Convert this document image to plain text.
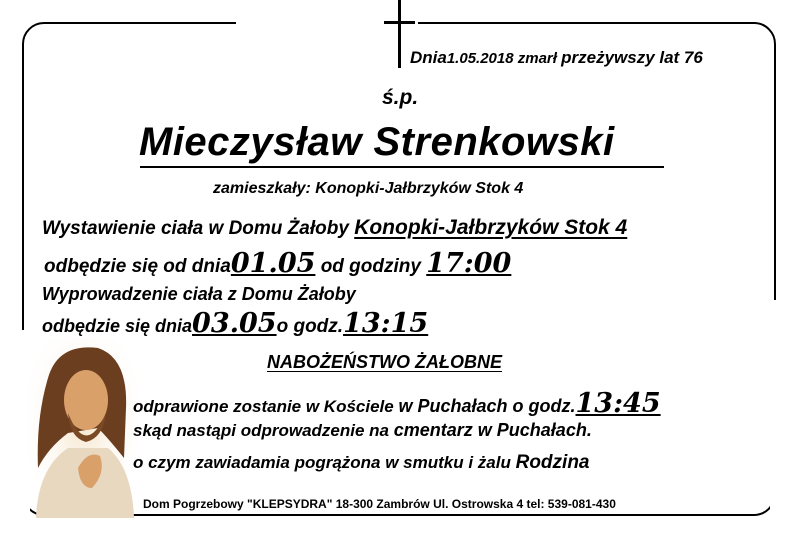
Dnia1.05.2018 zmarł przeżywszy lat 76
ś.p.
Mieczysław Strenkowski
zamieszkały: Konopki-Jałbrzyków Stok 4
Wystawienie ciała w Domu Żałoby Konopki-Jałbrzyków Stok 4
odbędzie się od dnia01.05 od godziny 17:00
Wyprowadzenie ciała z Domu Żałoby
odbędzie się dnia03.05o godz.13:15
NABOŻEŃSTWO ŻAŁOBNE
odprawione zostanie w Kościele w Puchałach o godz.13:45
skąd nastąpi odprowadzenie na cmentarz w Puchałach.
o czym zawiadamia pogrążona w smutku i żalu Rodzina
Dom Pogrzebowy "KLEPSYDRA" 18-300 Zambrów Ul. Ostrowska 4 tel: 539-081-430
